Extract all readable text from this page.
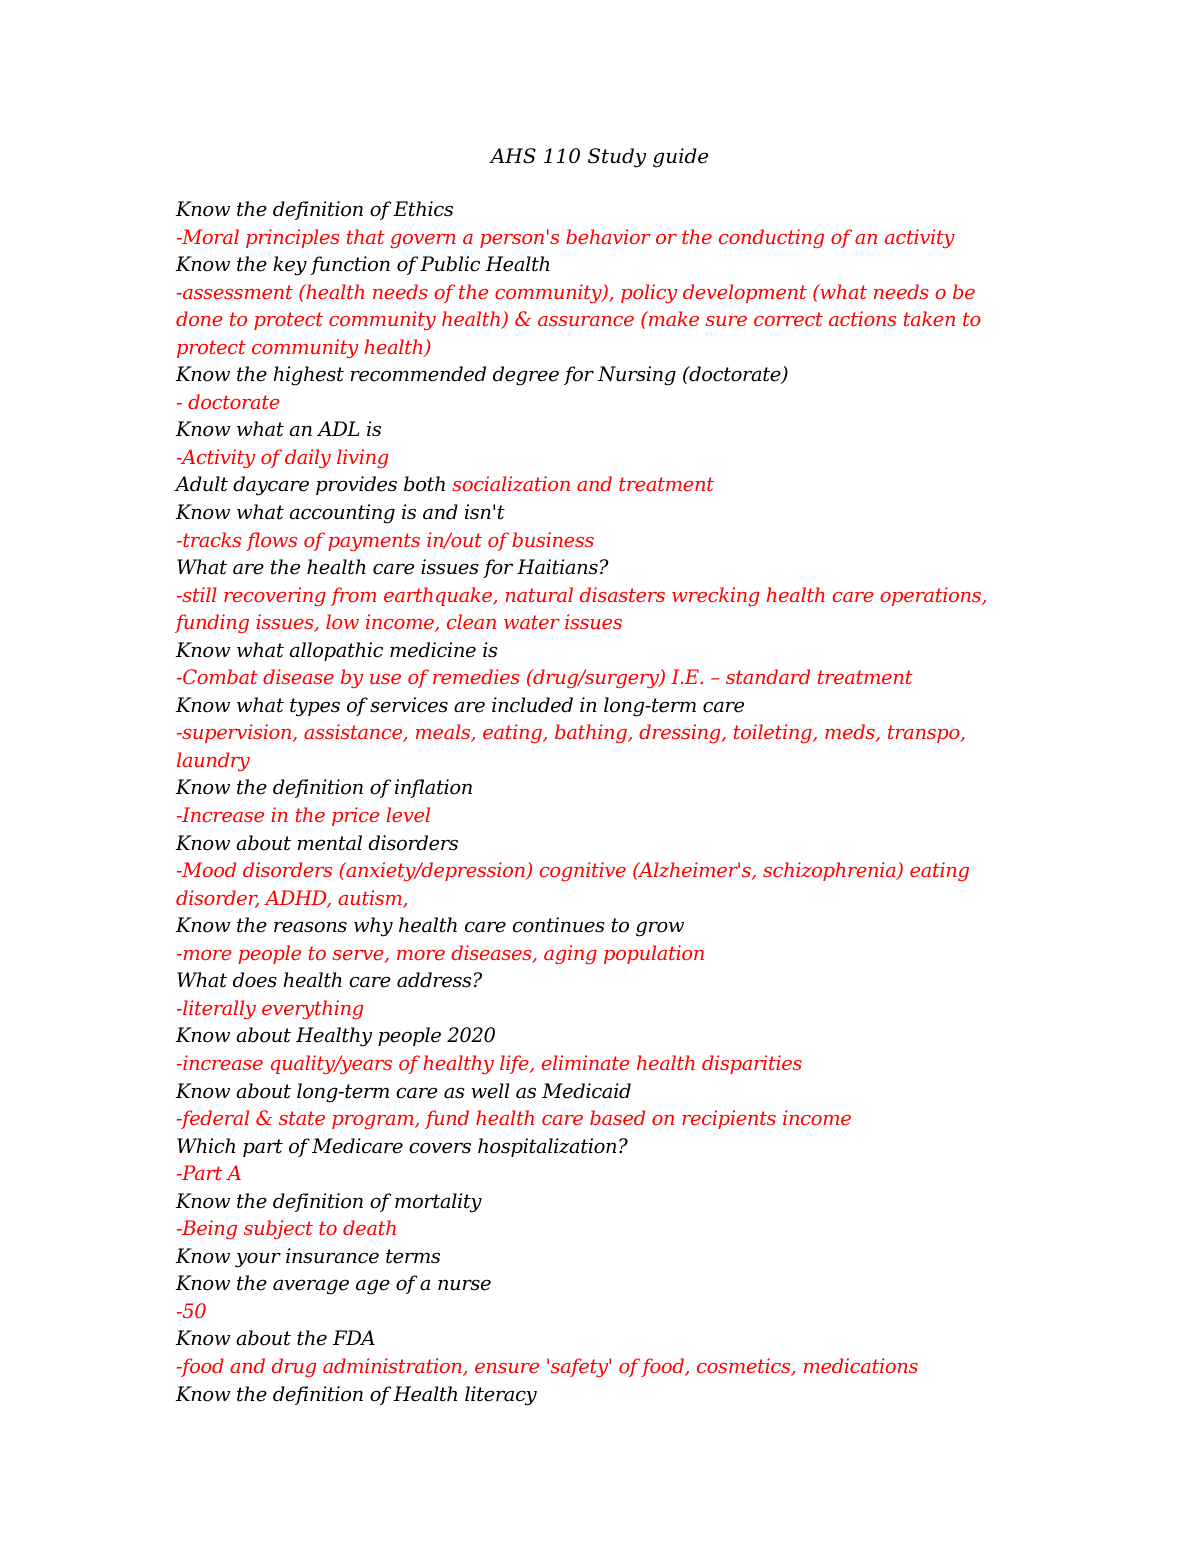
AHS 110 Study guide

Know the definition of Ethics

-Moral principles that govern a person's behavior or the conducting of an activity

Know the key function of Public Health

-assessment (health needs of the community), policy development (what needs o be done to protect community health) & assurance (make sure correct actions taken to protect community health)

Know the highest recommended degree for Nursing (doctorate)

- doctorate

Know what an ADL is

-Activity of daily living

Adult daycare provides both socialization and treatment

Know what accounting is and isn't

-tracks flows of payments in/out of business

What are the health care issues for Haitians?

-still recovering from earthquake, natural disasters wrecking health care operations, funding issues, low income, clean water issues

Know what allopathic medicine is

-Combat disease by use of remedies (drug/surgery) I.E. – standard treatment

Know what types of services are included in long-term care

-supervision, assistance, meals, eating, bathing, dressing, toileting, meds, transpo, laundry

Know the definition of inflation

-Increase in the price level

Know about mental disorders

-Mood disorders (anxiety/depression) cognitive (Alzheimer's, schizophrenia) eating disorder, ADHD, autism,

Know the reasons why health care continues to grow

-more people to serve, more diseases, aging population

What does health care address?

-literally everything

Know about Healthy people 2020

-increase quality/years of healthy life, eliminate health disparities

Know about long-term care as well as Medicaid

-federal & state program, fund health care based on recipients income

Which part of Medicare covers hospitalization?

-Part A

Know the definition of mortality

-Being subject to death

Know your insurance terms

Know the average age of a nurse

-50

Know about the FDA

-food and drug administration, ensure 'safety' of food, cosmetics, medications

Know the definition of Health literacy
